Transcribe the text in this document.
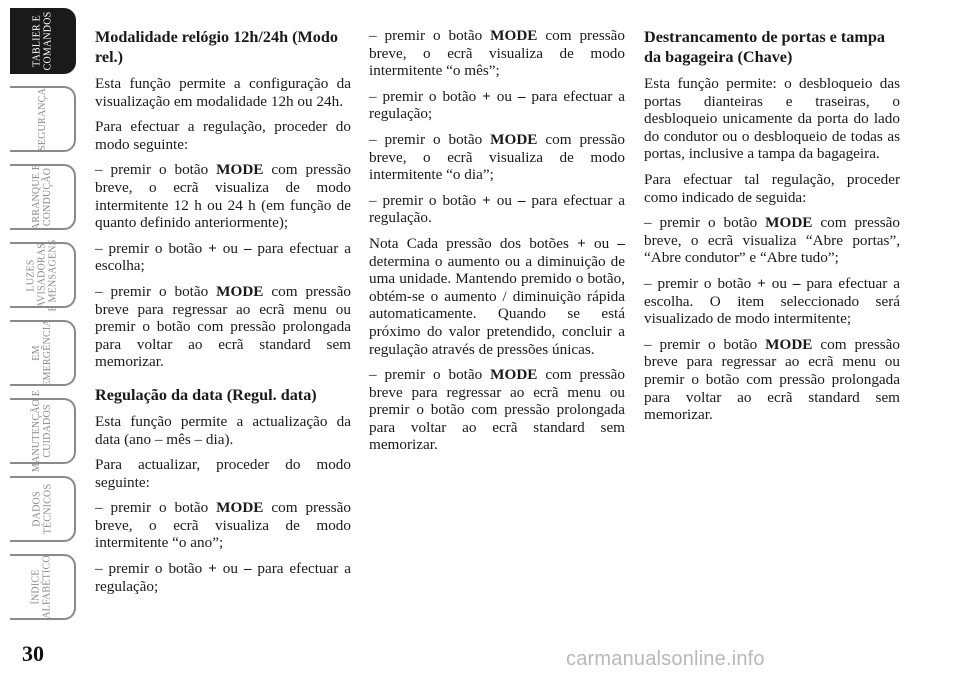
TABLIER E
COMANDOS
SEGURANÇA
ARRANQUE E
CONDUÇÃO
LUZES
AVISADORAS
E MENSAGENS
EM
EMERGÊNCIA
MANUTENÇÃO E
CUIDADOS
DADOS
TÉCNICOS
ÍNDICE
ALFABÉTICO
30
Modalidade relógio 12h/24h (Modo rel.)

Esta função permite a configuração da visualização em modalidade 12h ou 24h.

Para efectuar a regulação, proceder do modo seguinte:

– premir o botão MODE com pressão breve, o ecrã visualiza de modo intermitente 12 h ou 24 h (em função de quanto definido anteriormente);

– premir o botão + ou – para efectuar a escolha;

– premir o botão MODE com pressão breve para regressar ao ecrã menu ou premir o botão com pressão prolongada para voltar ao ecrã standard sem memorizar.

Regulação da data (Regul. data)

Esta função permite a actualização da data (ano – mês – dia).

Para actualizar, proceder do modo seguinte:

– premir o botão MODE com pressão breve, o ecrã visualiza de modo intermitente “o ano”;

– premir o botão + ou – para efectuar a regulação;

– premir o botão MODE com pressão breve, o ecrã visualiza de modo intermitente “o mês”;

– premir o botão + ou – para efectuar a regulação;

– premir o botão MODE com pressão breve, o ecrã visualiza de modo intermitente “o dia”;

– premir o botão + ou – para efectuar a regulação.

Nota Cada pressão dos botões + ou – determina o aumento ou a diminuição de uma unidade. Mantendo premido o botão, obtém-se o aumento / diminuição rápida automaticamente. Quando se está próximo do valor pretendido, concluir a regulação através de pressões únicas.

– premir o botão MODE com pressão breve para regressar ao ecrã menu ou premir o botão com pressão prolongada para voltar ao ecrã standard sem memorizar.

Destrancamento de portas e tampa da bagageira (Chave)

Esta função permite: o desbloqueio das portas dianteiras e traseiras, o desbloqueio unicamente da porta do lado do condutor ou o desbloqueio de todas as portas, inclusive a tampa da bagageira.

Para efectuar tal regulação, proceder como indicado de seguida:

– premir o botão MODE com pressão breve, o ecrã visualiza “Abre portas”, “Abre condutor” e “Abre tudo”;

– premir o botão + ou – para efectuar a escolha. O item seleccionado será visualizado de modo intermitente;

– premir o botão MODE com pressão breve para regressar ao ecrã menu ou premir o botão com pressão prolongada para voltar ao ecrã standard sem memorizar.

carmanualsonline.info
